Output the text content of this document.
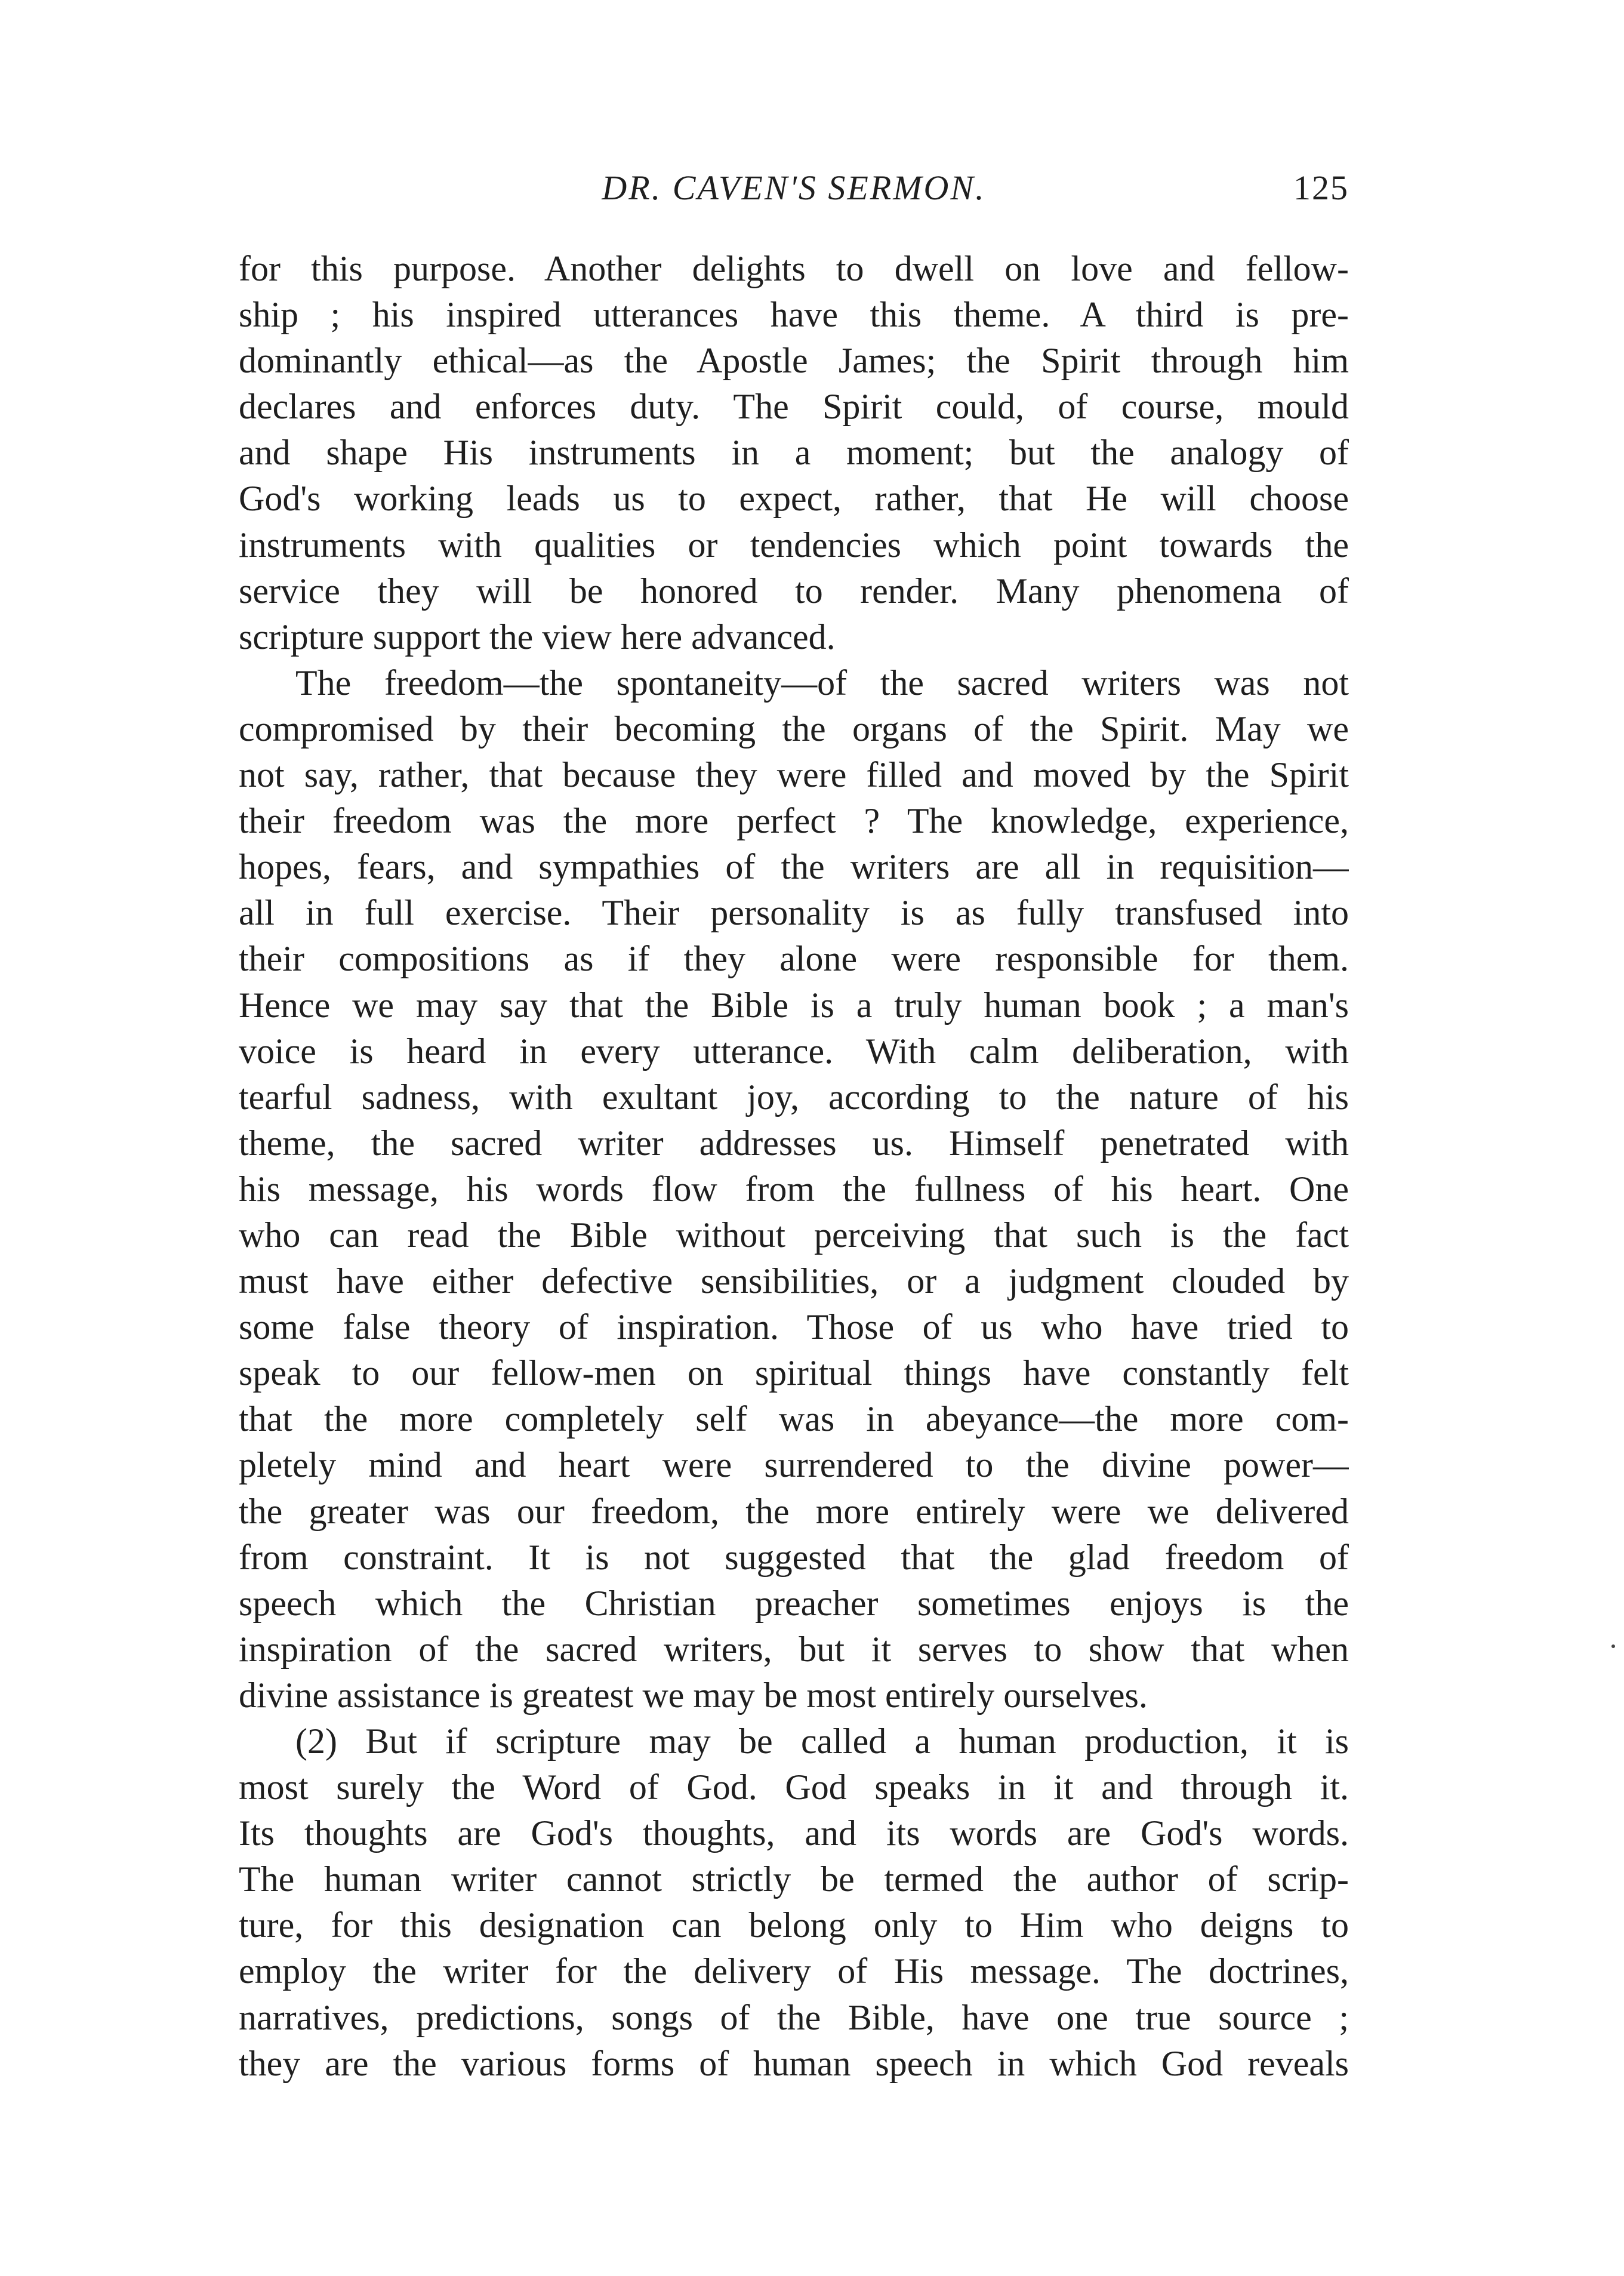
DR. CAVEN'S SERMON.	125
for this purpose. Another delights to dwell on love and fellow-
ship ; his inspired utterances have this theme. A third is pre-
dominantly ethical—as the Apostle James; the Spirit through him
declares and enforces duty. The Spirit could, of course, mould
and shape His instruments in a moment; but the analogy of
God's working leads us to expect, rather, that He will choose
instruments with qualities or tendencies which point towards the
service they will be honored to render. Many phenomena of
scripture support the view here advanced.
The freedom—the spontaneity—of the sacred writers was not
compromised by their becoming the organs of the Spirit. May we
not say, rather, that because they were filled and moved by the Spirit
their freedom was the more perfect ? The knowledge, experience,
hopes, fears, and sympathies of the writers are all in requisition—
all in full exercise. Their personality is as fully transfused into
their compositions as if they alone were responsible for them.
Hence we may say that the Bible is a truly human book ; a man's
voice is heard in every utterance. With calm deliberation, with
tearful sadness, with exultant joy, according to the nature of his
theme, the sacred writer addresses us. Himself penetrated with
his message, his words flow from the fullness of his heart. One
who can read the Bible without perceiving that such is the fact
must have either defective sensibilities, or a judgment clouded by
some false theory of inspiration. Those of us who have tried to
speak to our fellow-men on spiritual things have constantly felt
that the more completely self was in abeyance—the more com-
pletely mind and heart were surrendered to the divine power—
the greater was our freedom, the more entirely were we delivered
from constraint. It is not suggested that the glad freedom of
speech which the Christian preacher sometimes enjoys is the
inspiration of the sacred writers, but it serves to show that when
divine assistance is greatest we may be most entirely ourselves.
(2) But if scripture may be called a human production, it is
most surely the Word of God. God speaks in it and through it.
Its thoughts are God's thoughts, and its words are God's words.
The human writer cannot strictly be termed the author of scrip-
ture, for this designation can belong only to Him who deigns to
employ the writer for the delivery of His message. The doctrines,
narratives, predictions, songs of the Bible, have one true source ;
they are the various forms of human speech in which God reveals
